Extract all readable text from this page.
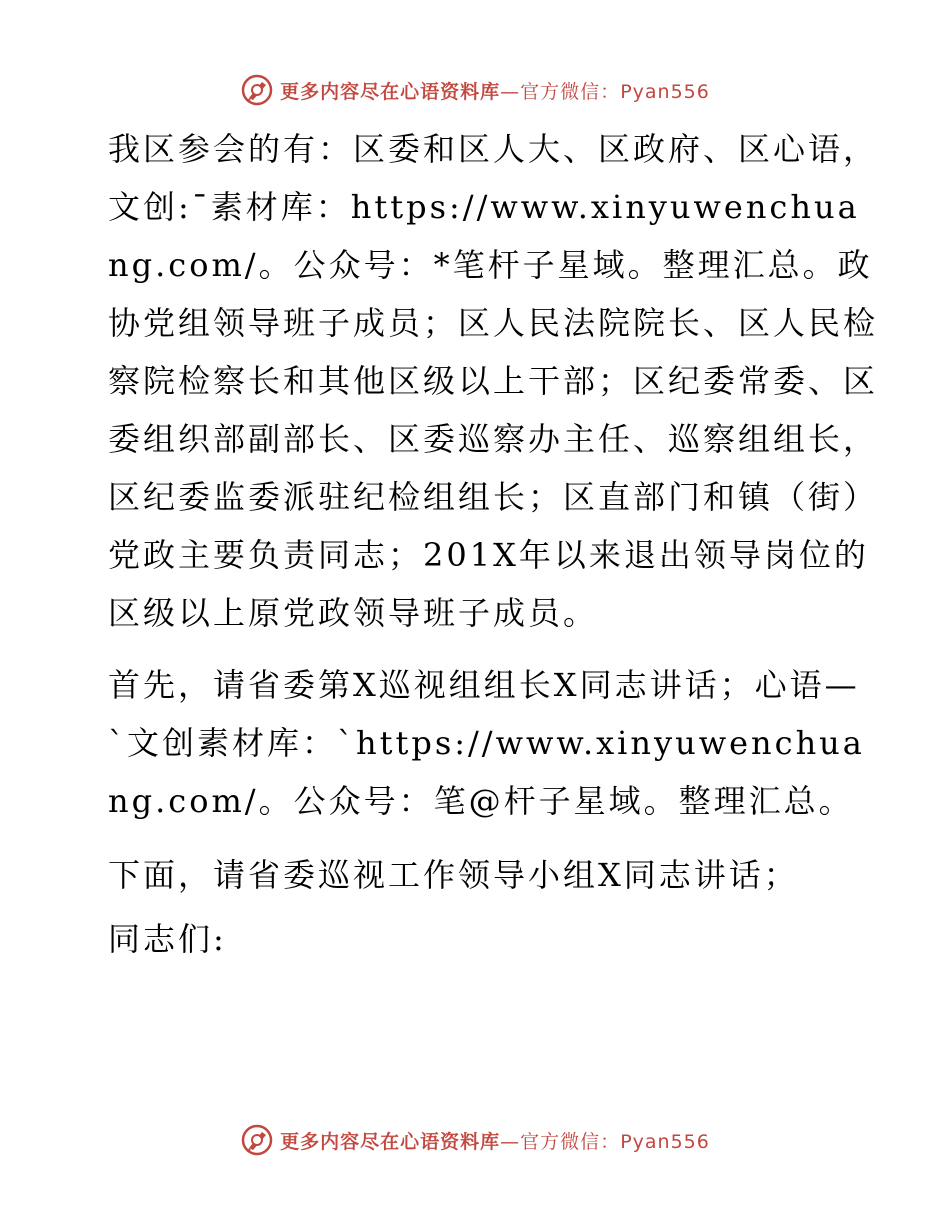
更多内容尽在心语资料库—官方微信：Pyan556

我区参会的有：区委和区人大、区政府、区心语，文创:¯素材库：https://www.xinyuwenchuang.com/。公众号：*笔杆子星域。整理汇总。政协党组领导班子成员；区人民法院院长、区人民检察院检察长和其他区级以上干部；区纪委常委、区委组织部副部长、区委巡察办主任、巡察组组长，区纪委监委派驻纪检组组长；区直部门和镇（街）党政主要负责同志；201X年以来退出领导岗位的区级以上原党政领导班子成员。

首先，请省委第X巡视组组长X同志讲话；心语—`文创素材库：`https://www.xinyuwenchuang.com/。公众号：笔@杆子星域。整理汇总。

下面，请省委巡视工作领导小组X同志讲话；

同志们:

更多内容尽在心语资料库—官方微信：Pyan556
